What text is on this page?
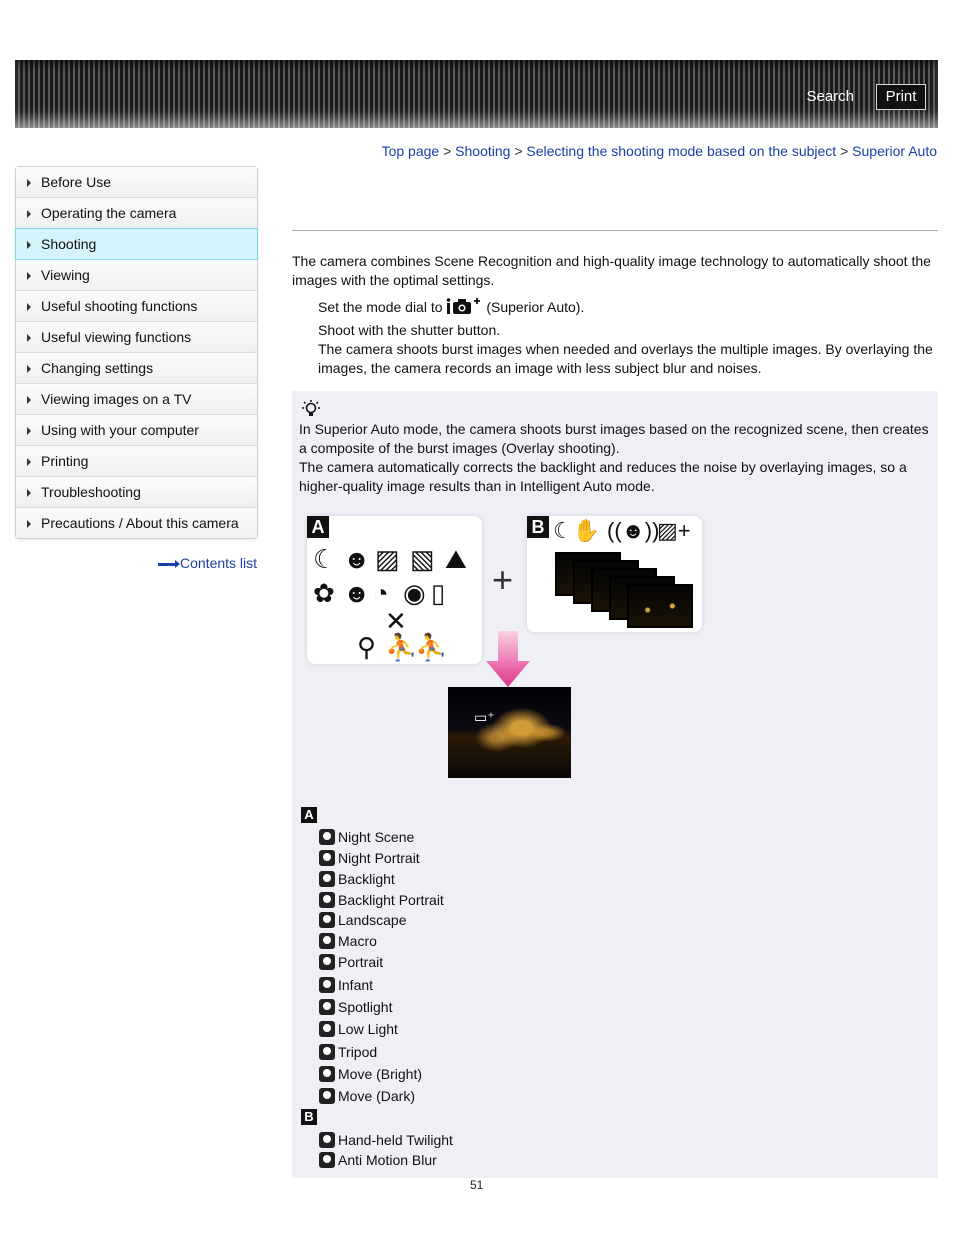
Search	Print
Top page > Shooting > Selecting the shooting mode based on the subject > Superior Auto
Before Use
Operating the camera
Shooting
Viewing
Useful shooting functions
Useful viewing functions
Changing settings
Viewing images on a TV
Using with your computer
Printing
Troubleshooting
Precautions / About this camera
Contents list
The camera combines Scene Recognition and high-quality image technology to automatically shoot the images with the optimal settings.
Set the mode dial to	(Superior Auto).
Shoot with the shutter button.
The camera shoots burst images when needed and overlays the multiple images. By overlaying the images, the camera records an image with less subject blur and noises.
In Superior Auto mode, the camera shoots burst images based on the recognized scene, then creates a composite of the burst images (Overlay shooting).
The camera automatically corrects the backlight and reduces the noise by overlaying images, so a higher-quality image results than in Intelligent Auto mode.
A
☾ ☻ ▨ ▧ ⛰
✿ ☻ ◔ ◉ ▯
✕
⚲ ⛹
⛹
+
B ☾✋ ((☻))
▨+
▭⁺
A
Night Scene
Night Portrait
Backlight
Backlight Portrait
Landscape
Macro
Portrait
Infant
Spotlight
Low Light
Tripod
Move (Bright)
Move (Dark)
B
Hand-held Twilight
Anti Motion Blur
51
